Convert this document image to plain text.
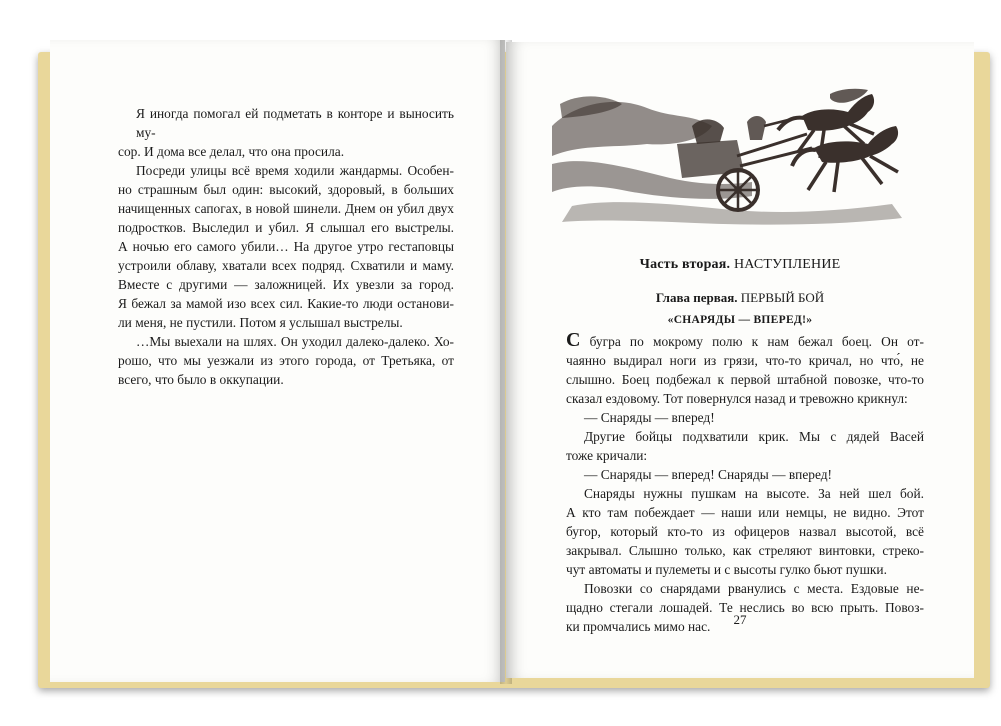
Я иногда помогал ей подметать в конторе и выносить му-
сор. И дома все делал, что она просила.
Посреди улицы всё время ходили жандармы. Особен-
но страшным был один: высокий, здоровый, в больших
начищенных сапогах, в новой шинели. Днем он убил двух
подростков. Выследил и убил. Я слышал его выстрелы.
А ночью его самого убили… На другое утро гестаповцы
устроили облаву, хватали всех подряд. Схватили и маму.
Вместе с другими — заложницей. Их увезли за город.
Я бежал за мамой изо всех сил. Какие-то люди останови-
ли меня, не пустили. Потом я услышал выстрелы.
…Мы выехали на шлях. Он уходил далеко-далеко. Хо-
рошо, что мы уезжали из этого города, от Третьяка, от
всего, что было в оккупации.
Часть вторая. НАСТУПЛЕНИЕ
Глава первая. ПЕРВЫЙ БОЙ
«СНАРЯДЫ — ВПЕРЕД!»
С бугра по мокрому полю к нам бежал боец. Он от-
чаянно выдирал ноги из грязи, что-то кричал, но что́, не
слышно. Боец подбежал к первой штабной повозке, что-то
сказал ездовому. Тот повернулся назад и тревожно крикнул:
— Снаряды — вперед!
Другие бойцы подхватили крик. Мы с дядей Васей
тоже кричали:
— Снаряды — вперед! Снаряды — вперед!
Снаряды нужны пушкам на высоте. За ней шел бой.
А кто там побеждает — наши или немцы, не видно. Этот
бугор, который кто-то из офицеров назвал высотой, всё
закрывал. Слышно только, как стреляют винтовки, стреко-
чут автоматы и пулеметы и с высоты гулко бьют пушки.
Повозки со снарядами рванулись с места. Ездовые не-
щадно стегали лошадей. Те неслись во всю прыть. Повоз-
ки промчались мимо нас.	27
